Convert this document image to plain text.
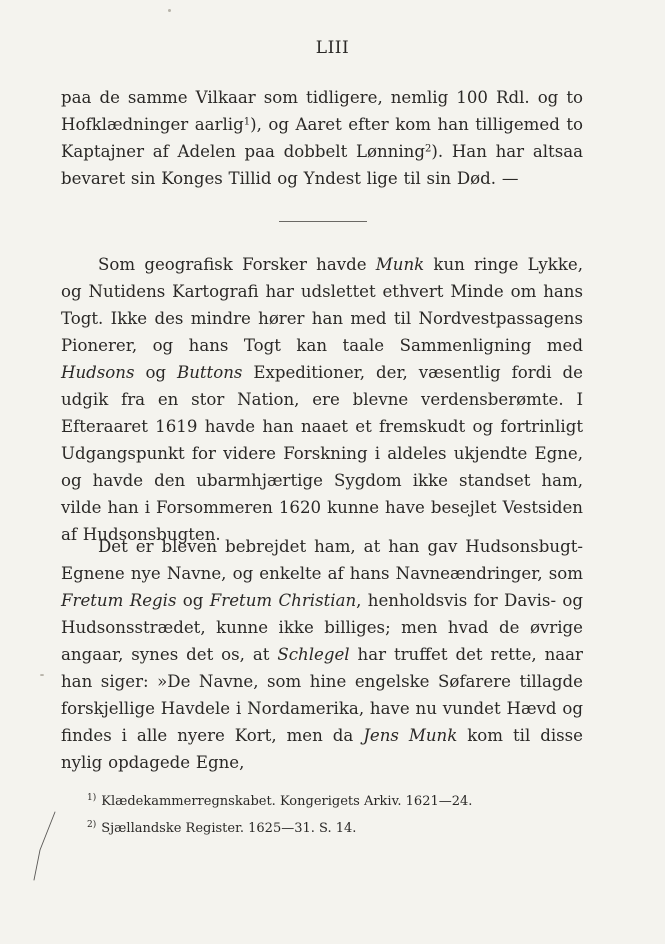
LIII
paa de samme Vilkaar som tidligere, nemlig 100 Rdl. og to Hofklædninger aarlig$^1$), og Aaret efter kom han tilligemed to Kaptajner af Adelen paa dobbelt Lønning$^2$). Han har altsaa bevaret sin Konges Tillid og Yndest lige til sin Død. —
Som geografisk Forsker havde Munk kun ringe Lykke, og Nutidens Kartografi har udslettet ethvert Minde om hans Togt. Ikke des mindre hører han med til Nordvestpassagens Pionerer, og hans Togt kan taale Sammenligning med Hudsons og Buttons Expeditioner, der, væsentlig fordi de udgik fra en stor Nation, ere blevne verdensberømte. I Efteraaret 1619 havde han naaet et fremskudt og fortrinligt Udgangspunkt for videre Forskning i aldeles ukjendte Egne, og havde den ubarmhjærtige Sygdom ikke standset ham, vilde han i Forsommeren 1620 kunne have besejlet Vestsiden af Hudsonsbugten.
Det er bleven bebrejdet ham, at han gav Hudsonsbugt-Egnene nye Navne, og enkelte af hans Navneændringer, som Fretum Regis og Fretum Christian, henholdsvis for Davis- og Hudsonsstrædet, kunne ikke billiges; men hvad de øvrige angaar, synes det os, at Schlegel har truffet det rette, naar han siger: »De Navne, som hine engelske Søfarere tillagde forskjellige Havdele i Nordamerika, have nu vundet Hævd og findes i alle nyere Kort, men da Jens Munk kom til disse nylig opdagede Egne,
$^{1)}$ Klædekammerregnskabet. Kongerigets Arkiv. 1621—24.
$^{2)}$ Sjællandske Register. 1625—31. S. 14.
